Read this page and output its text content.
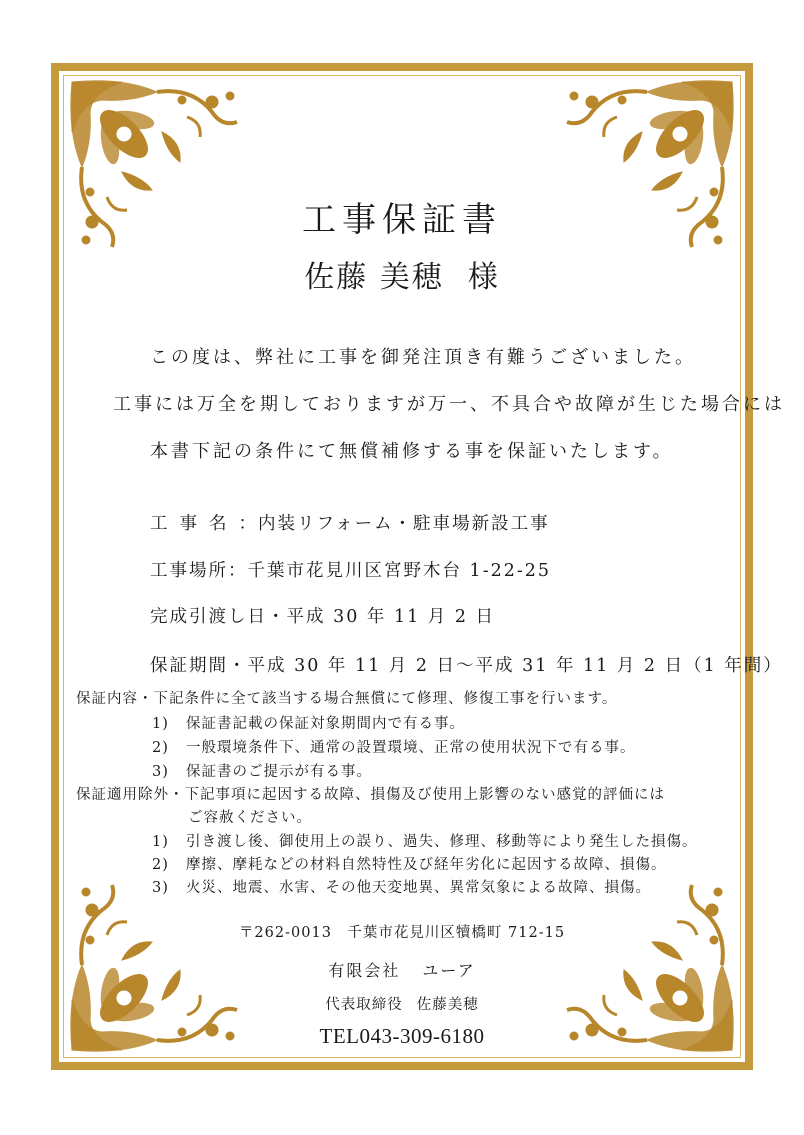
工事保証書
佐藤 美穂 様
この度は、弊社に工事を御発注頂き有難うございました。
工事には万全を期しておりますが万一、不具合や故障が生じた場合には
本書下記の条件にて無償補修する事を保証いたします。
工事名：内装リフォーム・駐車場新設工事
工事場所：千葉市花見川区宮野木台 1-22-25
完成引渡し日・平成 30 年 11 月 2 日
保証期間・平成 30 年 11 月 2 日～平成 31 年 11 月 2 日（1 年間）
保証内容・下記条件に全て該当する場合無償にて修理、修復工事を行います。
1) 保証書記載の保証対象期間内で有る事。
2) 一般環境条件下、通常の設置環境、正常の使用状況下で有る事。
3) 保証書のご提示が有る事。
保証適用除外・下記事項に起因する故障、損傷及び使用上影響のない感覚的評価には
ご容赦ください。
1) 引き渡し後、御使用上の誤り、過失、修理、移動等により発生した損傷。
2) 摩擦、摩耗などの材料自然特性及び経年劣化に起因する故障、損傷。
3) 火災、地震、水害、その他天変地異、異常気象による故障、損傷。
〒262-0013　千葉市花見川区犢橋町 712-15
有限会社 ユーア
代表取締役 佐藤美穂
TEL043-309-6180
